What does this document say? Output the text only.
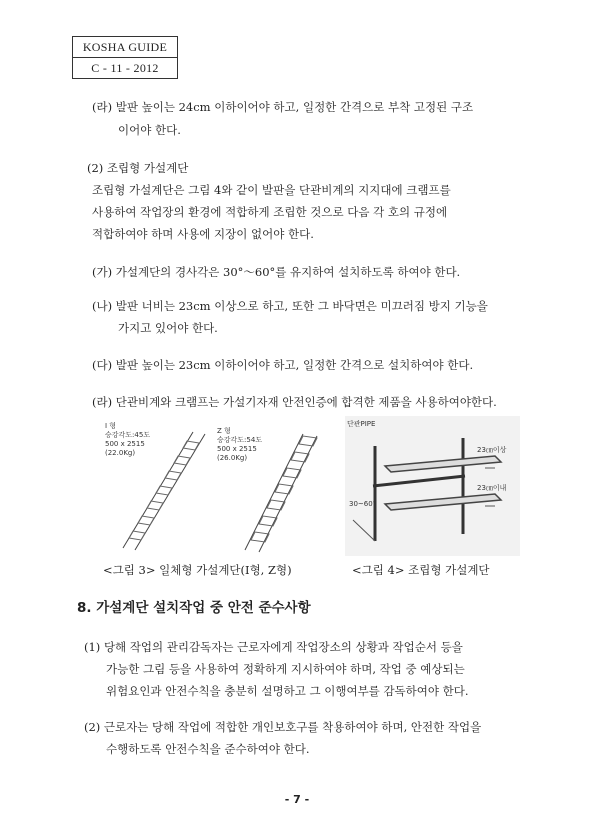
KOSHA GUIDE
C - 11 - 2012
(라) 발판 높이는 24cm 이하이어야 하고, 일정한 간격으로 부착 고정된 구조
이어야 한다.
(2) 조립형 가설계단
조립형 가설계단은 그림 4와 같이 발판을 단관비계의 지지대에 크램프를
사용하여 작업장의 환경에 적합하게 조립한 것으로 다음 각 호의 규정에
적합하여야 하며 사용에 지장이 없어야 한다.
(가) 가설계단의 경사각은 30°～60°를 유지하여 설치하도록 하여야 한다.
(나) 발판 너비는 23cm 이상으로 하고, 또한 그 바닥면은 미끄러짐 방지 기능을
가지고 있어야 한다.
(다) 발판 높이는 23cm 이하이어야 하고, 일정한 간격으로 설치하여야 한다.
(라) 단관비계와 크램프는 가설기자재 안전인증에 합격한 제품을 사용하여야한다.
I 형
승강각도:45도
500 x 2515
(22.0Kg)
Z 형
승강각도:54도
500 x 2515
(26.0Kg)
단관PIPE
23㎝이상
23㎝이내
30~60°
<그림 3> 일체형 가설계단(I형, Z형)	<그림 4> 조립형 가설계단
8. 가설계단 설치작업 중 안전 준수사항
(1) 당해 작업의 관리감독자는 근로자에게 작업장소의 상황과 작업순서 등을
가능한 그림 등을 사용하여 정확하게 지시하여야 하며, 작업 중 예상되는
위험요인과 안전수칙을 충분히 설명하고 그 이행여부를 감독하여야 한다.
(2) 근로자는 당해 작업에 적합한 개인보호구를 착용하여야 하며, 안전한 작업을
수행하도록 안전수칙을 준수하여야 한다.
- 7 -
